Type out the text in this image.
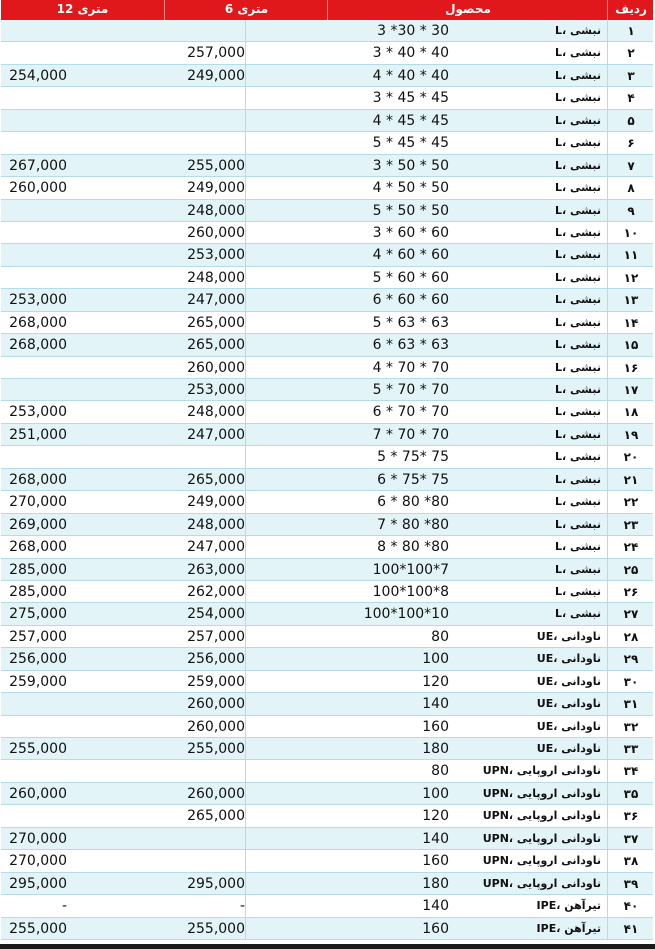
ردیف
محصول
6 متری
12 متری
۱
نبشی ،L
3 *30 * 30
۲
نبشی ،L
3 * 40 * 40
257,000
۳
نبشی ،L
4 * 40 * 40
249,000
254,000
۴
نبشی ،L
3 * 45 * 45
۵
نبشی ،L
4 * 45 * 45
۶
نبشی ،L
5 * 45 * 45
۷
نبشی ،L
3 * 50 * 50
255,000
267,000
۸
نبشی ،L
4 * 50 * 50
249,000
260,000
۹
نبشی ،L
5 * 50 * 50
248,000
۱۰
نبشی ،L
3 * 60 * 60
260,000
۱۱
نبشی ،L
4 * 60 * 60
253,000
۱۲
نبشی ،L
5 * 60 * 60
248,000
۱۳
نبشی ،L
6 * 60 * 60
247,000
253,000
۱۴
نبشی ،L
5 * 63 * 63
265,000
268,000
۱۵
نبشی ،L
6 * 63 * 63
265,000
268,000
۱۶
نبشی ،L
4 * 70 * 70
260,000
۱۷
نبشی ،L
5 * 70 * 70
253,000
۱۸
نبشی ،L
6 * 70 * 70
248,000
253,000
۱۹
نبشی ،L
7 * 70 * 70
247,000
251,000
۲۰
نبشی ،L
5 * 75* 75
۲۱
نبشی ،L
6 * 75* 75
265,000
268,000
۲۲
نبشی ،L
6 * 80 *80
249,000
270,000
۲۳
نبشی ،L
7 * 80 *80
248,000
269,000
۲۴
نبشی ،L
8 * 80 *80
247,000
268,000
۲۵
نبشی ،L
100*100*7
263,000
285,000
۲۶
نبشی ،L
100*100*8
262,000
285,000
۲۷
نبشی ،L
100*100*10
254,000
275,000
۲۸
ناودانی ،UE
80
257,000
257,000
۲۹
ناودانی ،UE
100
256,000
256,000
۳۰
ناودانی ،UE
120
259,000
259,000
۳۱
ناودانی ،UE
140
260,000
۳۲
ناودانی ،UE
160
260,000
۳۳
ناودانی ،UE
180
255,000
255,000
۳۴
ناودانی اروپایی ،UPN
80
۳۵
ناودانی اروپایی ،UPN
100
260,000
260,000
۳۶
ناودانی اروپایی ،UPN
120
265,000
۳۷
ناودانی اروپایی ،UPN
140
270,000
۳۸
ناودانی اروپایی ،UPN
160
270,000
۳۹
ناودانی اروپایی ،UPN
180
295,000
295,000
۴۰
تیرآهن ،IPE
140
-
-
۴۱
تیرآهن ،IPE
160
255,000
255,000
